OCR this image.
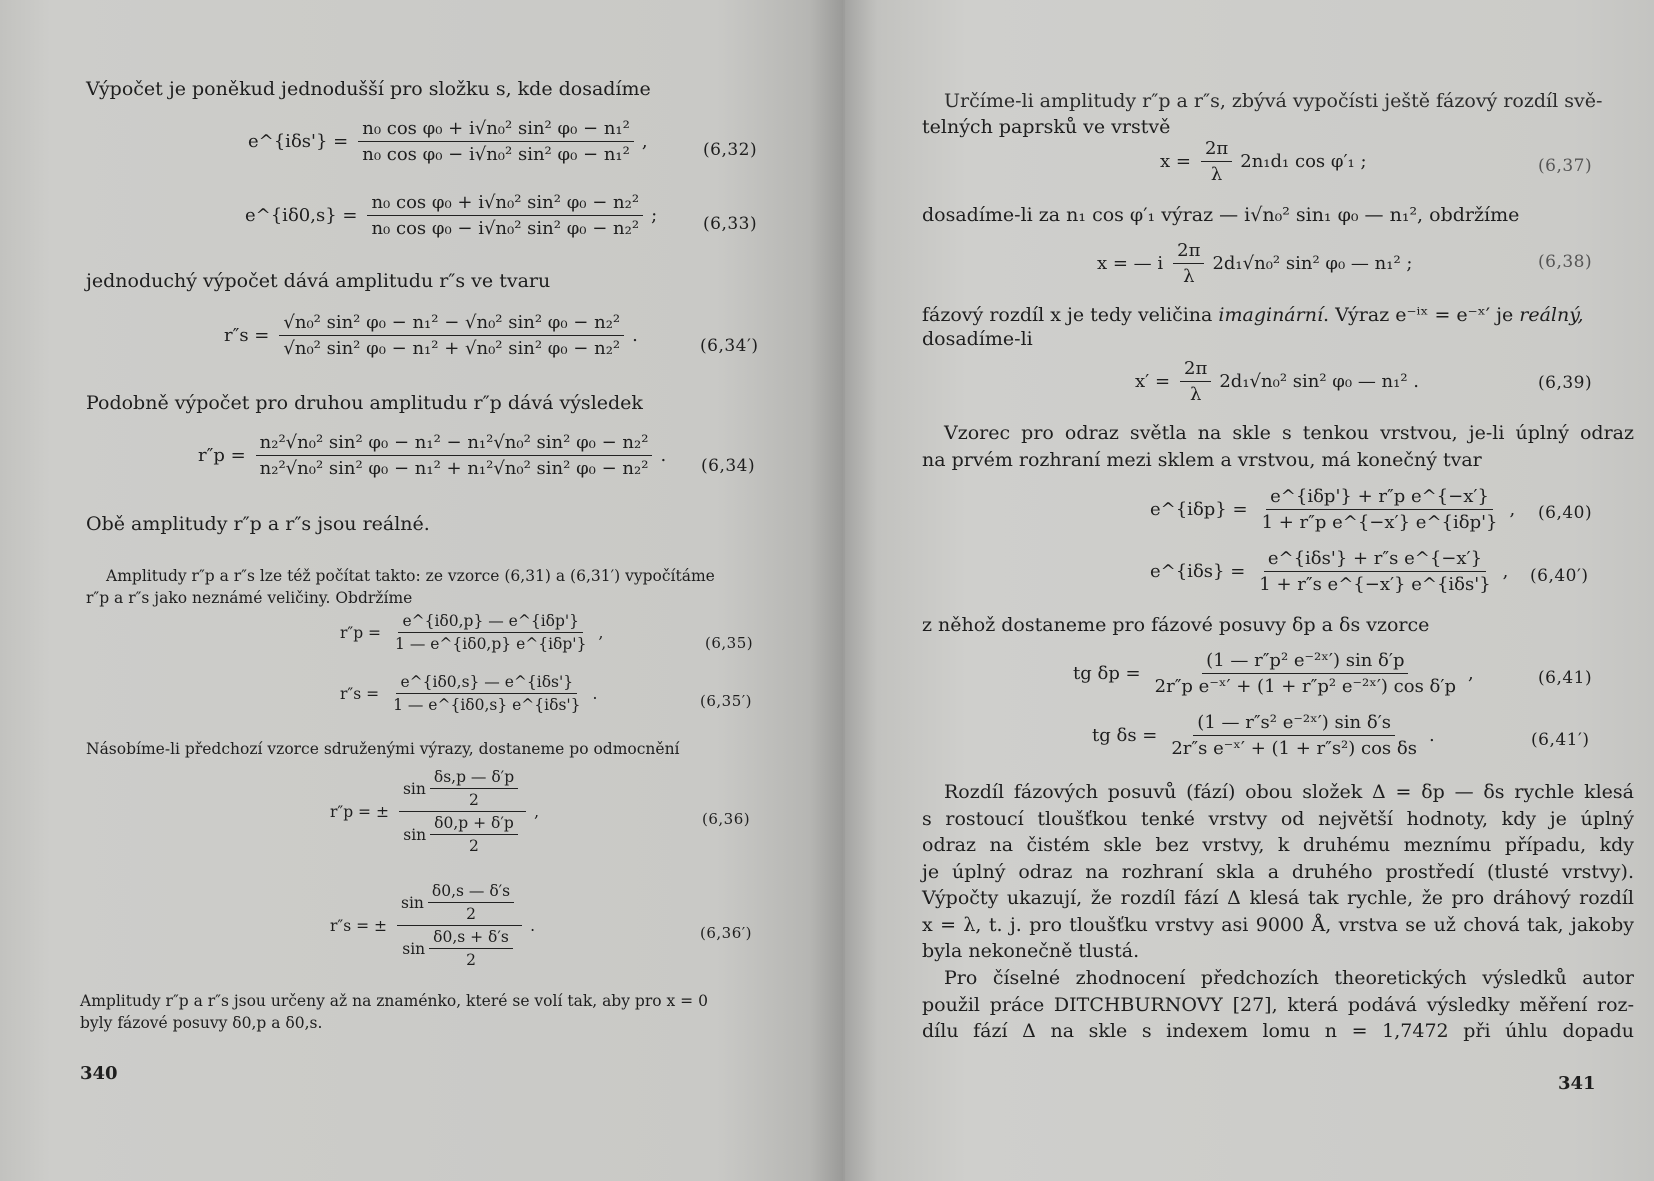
Výpočet je poněkud jednodušší pro složku s, kde dosadíme
e^{iδs'} = $\frac{\text{n₀ cos φ₀ + i√n₀² sin² φ₀ − n₁²}}{\text{n₀ cos φ₀ − i√n₀² sin² φ₀ − n₁²}}$ ,	(6,32)
e^{iδ0,s} = $\frac{\text{n₀ cos φ₀ + i√n₀² sin² φ₀ − n₂²}}{\text{n₀ cos φ₀ − i√n₀² sin² φ₀ − n₂²}}$ ;	(6,33)
jednoduchý výpočet dává amplitudu r″s ve tvaru
$r''s = \frac{\text{√n₀² sin² φ₀ − n₁² − √n₀² sin² φ₀ − n₂²}}{\text{√n₀² sin² φ₀ − n₁² + √n₀² sin² φ₀ − n₂²}}$ .	(6,34′)
Podobně výpočet pro druhou amplitudu r″p dává výsledek
$r''p = \frac{\text{n₂²√n₀² sin² φ₀ − n₁² − n₁²√n₀² sin² φ₀ − n₂²}}{\text{n₂²√n₀² sin² φ₀ − n₁² + n₁²√n₀² sin² φ₀ − n₂²}}$ . (6,34)
Obě amplitudy r″p a r″s jsou reálné.
Amplitudy r″p a r″s lze též počítat takto: ze vzorce (6,31) a (6,31′) vypočítáme
r″p a r″s jako neznámé veličiny. Obdržíme
$r''p = \frac{\text{e\textasciicircum{}\{iδ0,p\} — e\textasciicircum{}\{iδp'\}}}{\text{1 — e\textasciicircum{}\{iδ0,p\} e\textasciicircum{}\{iδp'\}}}$ ,
(6,35)
$r''s = \frac{\text{e\textasciicircum{}\{iδ0,s\} — e\textasciicircum{}\{iδs'\}}}{\text{1 — e\textasciicircum{}\{iδ0,s\} e\textasciicircum{}\{iδs'\}}}$ .	(6,35′)
Násobíme-li předchozí vzorce sdruženými výrazy, dostaneme po odmocnění
r″p = ± $\frac{\sin \frac{\delta s,p — \delta'p}{2}}{\sin \frac{\delta 0,p + \delta'p}{2}}$ ,	(6,36)
r″s = ± $\frac{\sin \frac{\delta 0,s — \delta's}{2}}{\sin \frac{\delta 0,s + \delta's}{2}}$ .	(6,36′)
Amplitudy r″p a r″s jsou určeny až na znaménko, které se volí tak, aby pro x = 0
byly fázové posuvy δ0,p a δ0,s.
340
Určíme-li amplitudy r″p a r″s, zbývá vypočísti ještě fázový rozdíl svě-
telných paprsků ve vrstvě
$x = \frac{2\pi}{\lambda} 2n_1d_1$ cos φ′₁ ;	(6,37)
dosadíme-li za n₁ cos φ′₁ výraz — i√n₀² sin₁ φ₀ — n₁², obdržíme
x = — i $\frac{2\pi}{\lambda} 2d_1√n_0^2$ sin² φ₀ — n₁² ;	(6,38)
fázový rozdíl x je tedy veličina imaginární. Výraz e⁻ⁱˣ = e⁻ˣ′ je reálný,
dosadíme-li
$x' = \frac{2\pi}{\lambda} 2d_1√n_0^2$ sin² φ₀ — n₁² .	(6,39)
Vzorec pro odraz světla na skle s tenkou vrstvou, je-li úplný odraz
na prvém rozhraní mezi sklem a vrstvou, má konečný tvar
e^{iδp} = $\frac{\text{e\textasciicircum{}\{iδp'\} + r″p e\textasciicircum{}\{−x′\}}}{\text{1 + r″p e\textasciicircum{}\{−x′\} e\textasciicircum{}\{iδp'\}}}$ , (6,40)
e^{iδs} = $\frac{\text{e\textasciicircum{}\{iδs'\} + r″s e\textasciicircum{}\{−x′\}}}{\text{1 + r″s e\textasciicircum{}\{−x′\} e\textasciicircum{}\{iδs'\}}}$ , (6,40′)
z něhož dostaneme pro fázové posuvy δp a δs vzorce
tg $\delta p = \frac{\text{(1 — r″p² e⁻²ˣ′) sin δ′p}}{\text{2r″p e⁻ˣ′ + (1 + r″p² e⁻²ˣ′) cos δ′p}}$ ,	(6,41)
tg $\delta s = \frac{\text{(1 — r″s² e⁻²ˣ′) sin δ′s}}{\text{2r″s e⁻ˣ′ + (1 + r″s²) cos δs}}$ .	(6,41′)
Rozdíl fázových posuvů (fází) obou složek Δ = δp — δs rychle klesá
s rostoucí tloušťkou tenké vrstvy od největší hodnoty, kdy je úplný
odraz na čistém skle bez vrstvy, k druhému meznímu případu, kdy
je úplný odraz na rozhraní skla a druhého prostředí (tlusté vrstvy).
Výpočty ukazují, že rozdíl fází Δ klesá tak rychle, že pro dráhový rozdíl
x = λ, t. j. pro tloušťku vrstvy asi 9000 Å, vrstva se už chová tak, jakoby
byla nekonečně tlustá.
Pro číselné zhodnocení předchozích theoretických výsledků autor
použil práce DITCHBURNOVY [27], která podává výsledky měření roz-
dílu fází Δ na skle s indexem lomu n = 1,7472 při úhlu dopadu
341
